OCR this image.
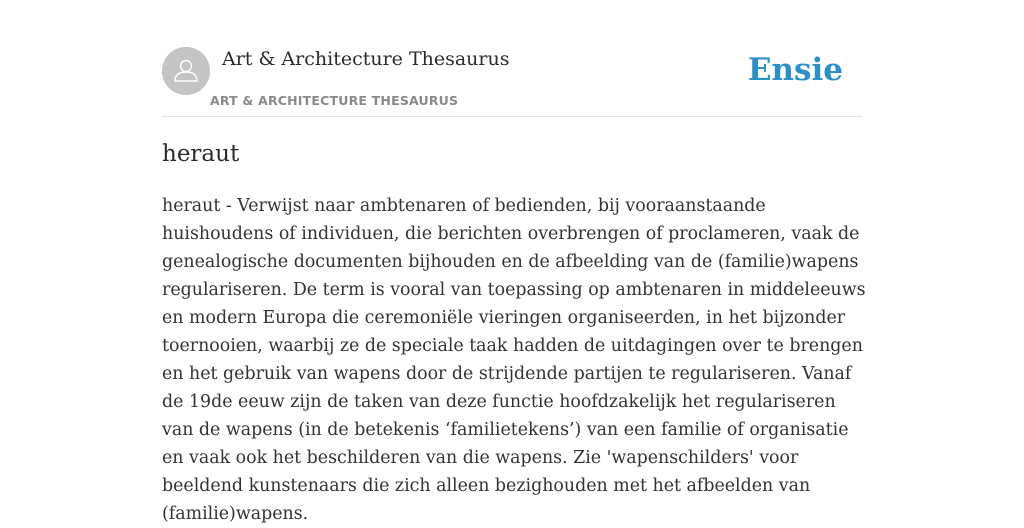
Art & Architecture Thesaurus
ART & ARCHITECTURE THESAURUS
Ensie
heraut

heraut - Verwijst naar ambtenaren of bedienden, bij vooraanstaande huishoudens of individuen, die berichten overbrengen of proclameren, vaak de genealogische documenten bijhouden en de afbeelding van de (familie)wapens regulariseren. De term is vooral van toepassing op ambtenaren in middeleeuws en modern Europa die ceremoniële vieringen organiseerden, in het bijzonder toernooien, waarbij ze de speciale taak hadden de uitdagingen over te brengen en het gebruik van wapens door de strijdende partijen te regulariseren. Vanaf de 19de eeuw zijn de taken van deze functie hoofdzakelijk het regulariseren van de wapens (in de betekenis ‘familietekens’) van een familie of organisatie en vaak ook het beschilderen van die wapens. Zie 'wapenschilders' voor beeldend kunstenaars die zich alleen bezighouden met het afbeelden van (familie)wapens.
